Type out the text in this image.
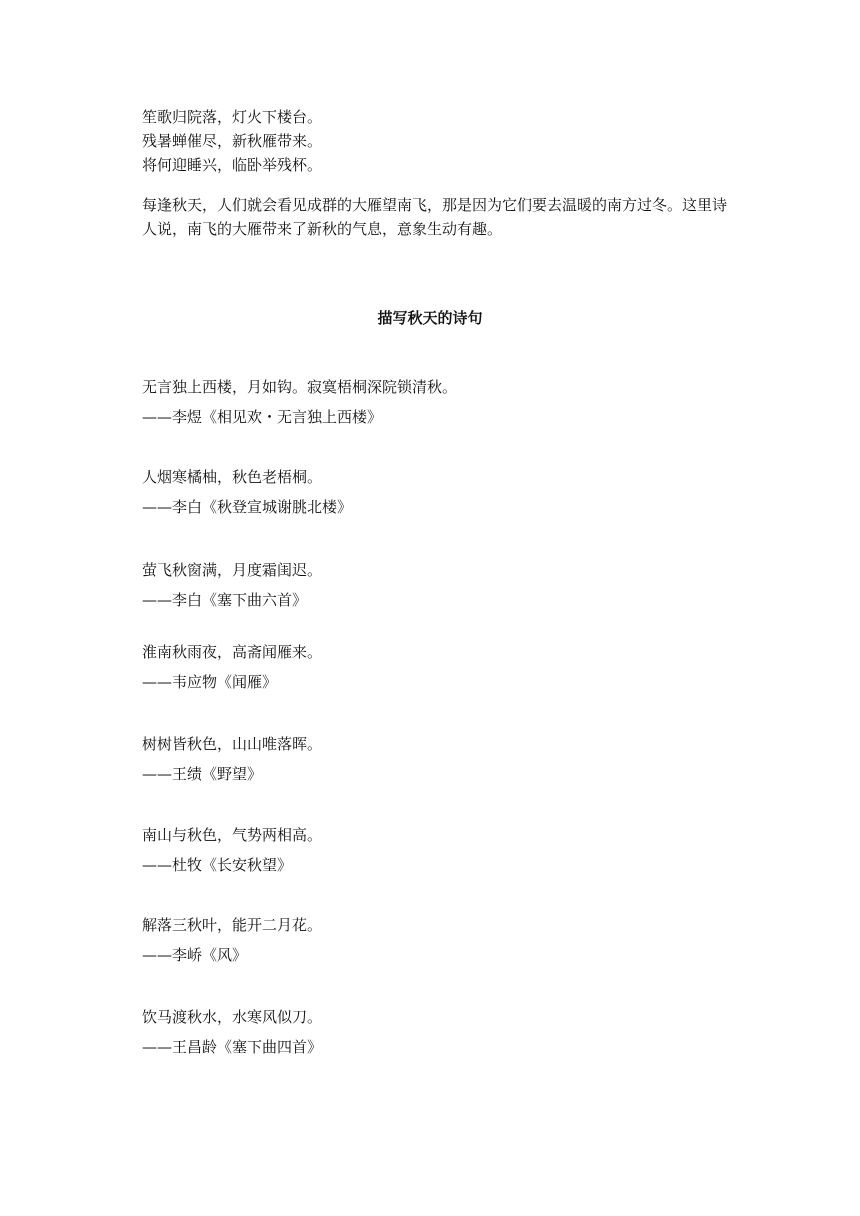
笙歌归院落，灯火下楼台。
残暑蝉催尽，新秋雁带来。
将何迎睡兴，临卧举残杯。
每逢秋天，人们就会看见成群的大雁望南飞，那是因为它们要去温暖的南方过冬。这里诗人说，南飞的大雁带来了新秋的气息，意象生动有趣。
描写秋天的诗句
无言独上西楼，月如钩。寂寞梧桐深院锁清秋。
——李煜《相见欢・无言独上西楼》
人烟寒橘柚，秋色老梧桐。
——李白《秋登宣城谢朓北楼》
萤飞秋窗满，月度霜闺迟。
——李白《塞下曲六首》
淮南秋雨夜，高斋闻雁来。
——韦应物《闻雁》
树树皆秋色，山山唯落晖。
——王绩《野望》
南山与秋色，气势两相高。
——杜牧《长安秋望》
解落三秋叶，能开二月花。
——李峤《风》
饮马渡秋水，水寒风似刀。
——王昌龄《塞下曲四首》
